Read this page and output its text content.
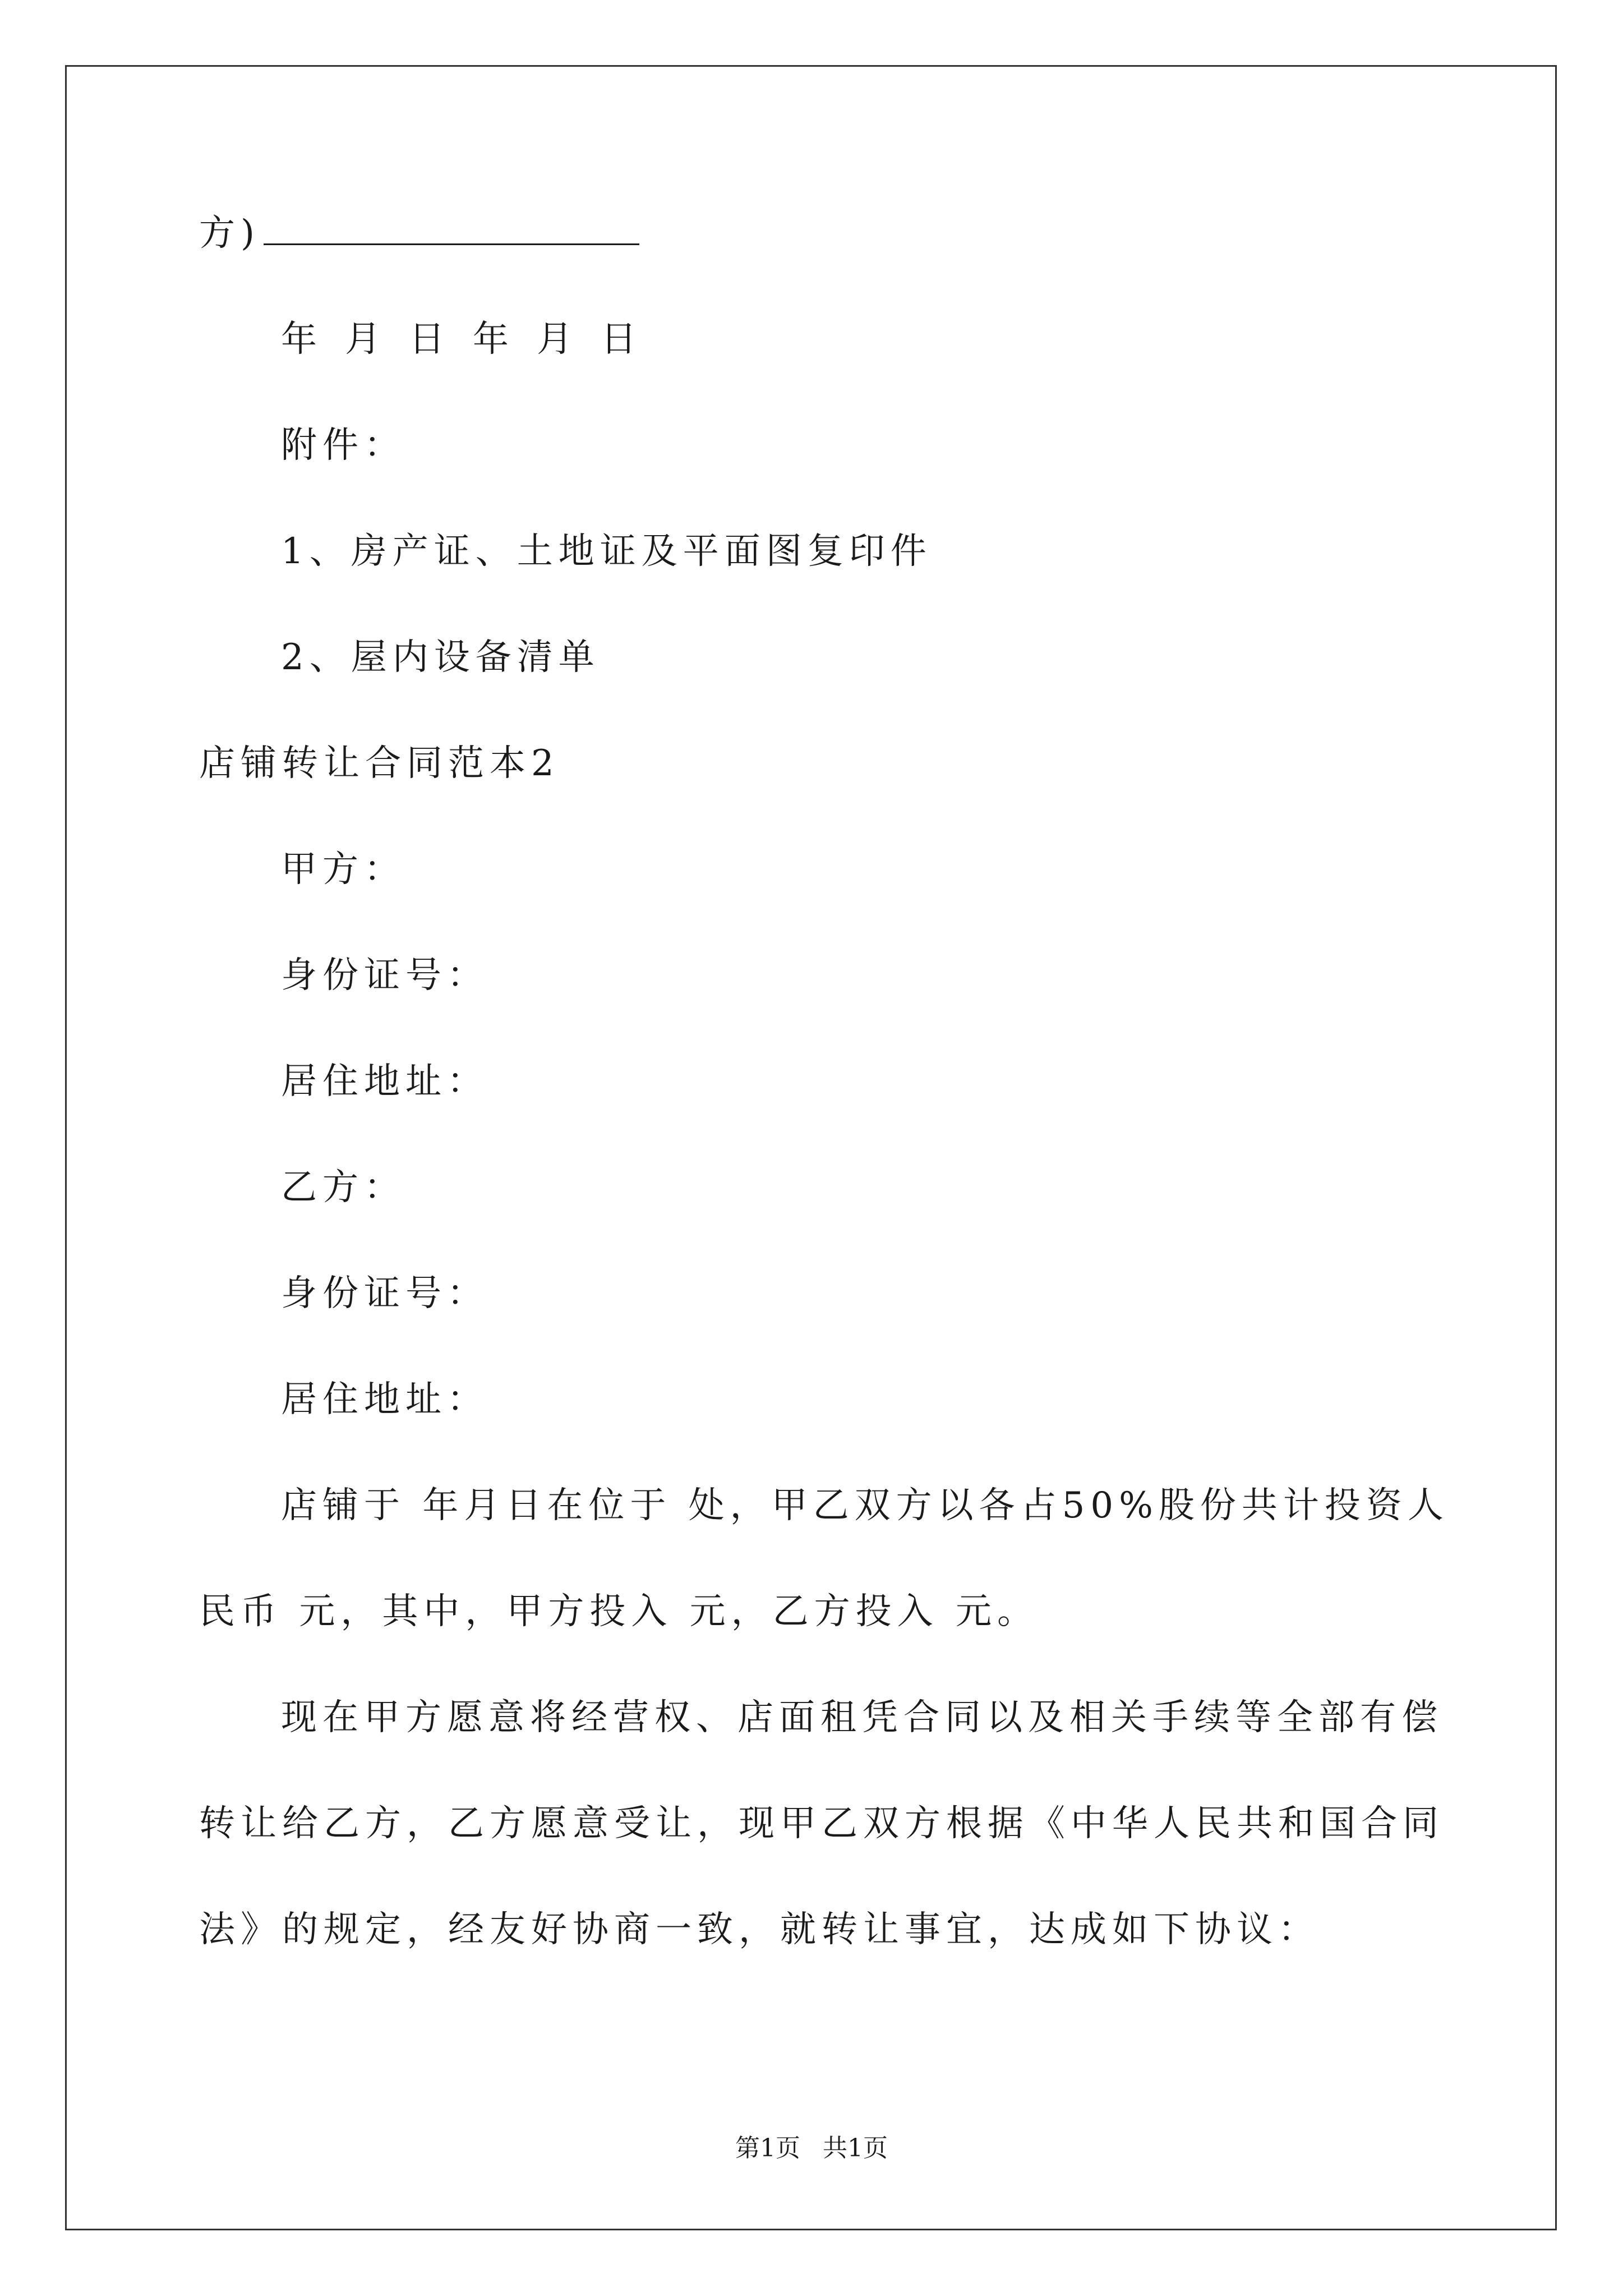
方)
年 月 日 年 月 日
附件：
1、房产证、土地证及平面图复印件
2、屋内设备清单
店铺转让合同范本2
甲方：
身份证号：
居住地址：
乙方：
身份证号：
居住地址：
店铺于 年月日在位于 处，甲乙双方以各占50%股份共计投资人
民币 元，其中，甲方投入 元，乙方投入 元。
现在甲方愿意将经营权、店面租凭合同以及相关手续等全部有偿
转让给乙方，乙方愿意受让，现甲乙双方根据《中华人民共和国合同
法》的规定，经友好协商一致，就转让事宜，达成如下协议：
第1页 共1页
